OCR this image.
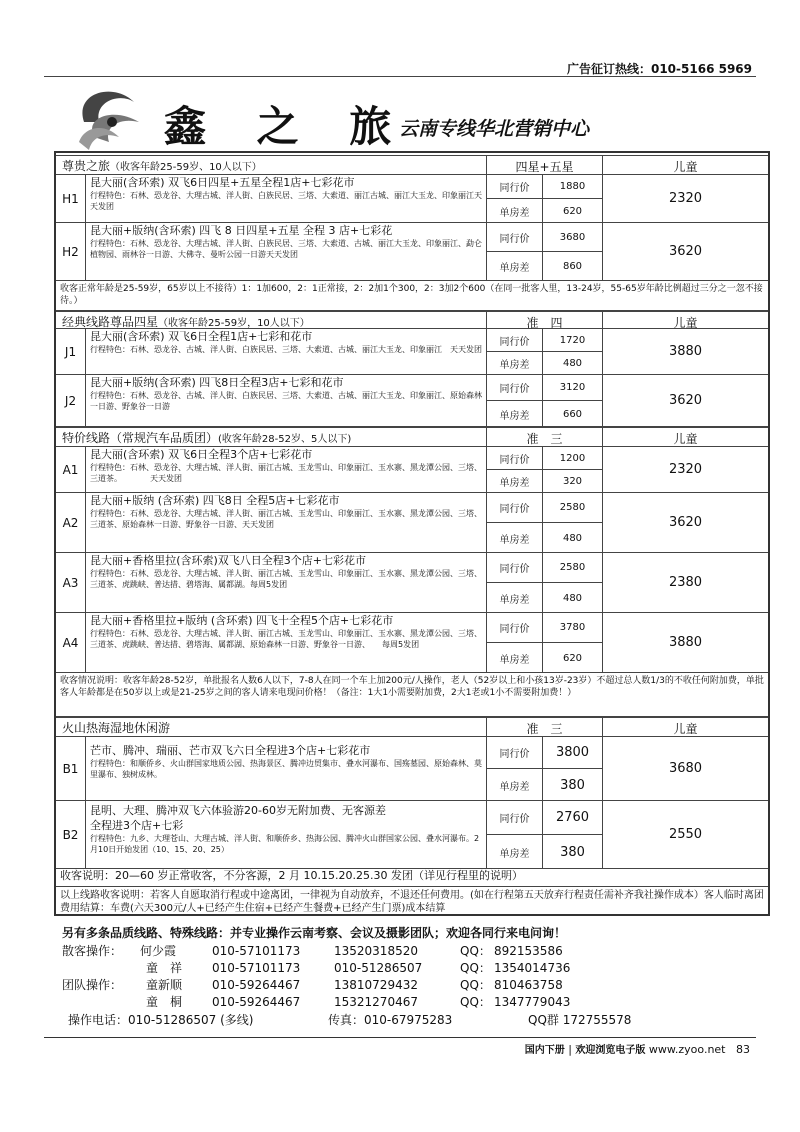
广告征订热线：010-5166 5969
鑫 之 旅
云南专线华北营销中心
尊贵之旅（收客年龄25-59岁、10人以下）	四星+五星	儿童
H1
昆大丽(含环索) 双飞6日四星+五星全程1店+七彩花市
行程特色：石林、恐龙谷、大理古城、洋人街、白族民居、三塔、大索道、丽江古城、丽江大玉龙、印象丽江天天发团
同行价	1880
单房差	620
2320
H2
昆大丽+版纳(含环索) 四飞 8 日四星+五星 全程 3 店+七彩花
行程特色：石林、恐龙谷、大理古城、洋人街、白族民居、三塔、大索道、古城、丽江大玉龙、印象丽江、勐仑植物园、雨林谷一日游、大佛寺、曼听公园一日游天天发团
同行价	3680
单房差	860
3620
收客正常年龄是25-59岁，65岁以上不接待）1：1加600，2：1正常接，2：2加1个300，2：3加2个600（在同一批客人里，13-24岁，55-65岁年龄比例超过三分之一忽不接待。）
经典线路尊品四星（收客年龄25-59岁，10人以下）	准　四	儿童
J1
昆大丽(含环索) 双飞6日全程1店+七彩和花市
行程特色：石林、恐龙谷、古城、洋人街、白族民居、三塔、大索道、古城、丽江大玉龙、印象丽江　天天发团
同行价	1720
单房差	480
3880
J2
昆大丽+版纳(含环索) 四飞8日全程3店+七彩和花市
行程特色：石林、恐龙谷、古城、洋人街、白族民居、三塔、大索道、古城、丽江大玉龙、印象丽江、原始森林一日游、野象谷一日游
同行价	3120
单房差	660
3620
特价线路（常规汽车品质团）(收客年龄28-52岁、5人以下)	准　三	儿童
A1
昆大丽(含环索) 双飞6日全程3个店+七彩花市
行程特色：石林、恐龙谷、大理古城、洋人街、丽江古城、玉龙雪山、印象丽江、玉水寨、黑龙潭公园、三塔、三道茶。　　　　天天发团
同行价	1200
单房差	320
2320
A2
昆大丽+版纳 (含环索) 四飞8日 全程5店+七彩花市
行程特色：石林、恐龙谷、大理古城、洋人街、丽江古城、玉龙雪山、印象丽江、玉水寨、黑龙潭公园、三塔、三道茶、原始森林一日游、野象谷一日游、天天发团
同行价	2580
单房差	480
3620
A3
昆大丽+香格里拉(含环索)双飞八日全程3个店+七彩花市
行程特色：石林、恐龙谷、大理古城、洋人街、丽江古城、玉龙雪山、印象丽江、玉水寨、黑龙潭公园、三塔、三道茶、虎跳峡、普达措、碧塔海、属都湖。每周5发团
同行价	2580
单房差	480
2380
A4
昆大丽+香格里拉+版纳 (含环索) 四飞十全程5个店+七彩花市
行程特色：石林、恐龙谷、大理古城、洋人街、丽江古城、玉龙雪山、印象丽江、玉水寨、黑龙潭公园、三塔、三道茶、虎跳峡、普达措、碧塔海、属都湖、原始森林一日游、野象谷一日游、　　每周5发团
同行价	3780
单房差	620
3880
收客情况说明：收客年龄28-52岁，单批报名人数6人以下，7-8人在同一个车上加200元/人操作，老人（52岁以上和小孩13岁-23岁）不超过总人数1/3的不收任何附加费，单批客人年龄都是在50岁以上或是21-25岁之间的客人请来电现问价格！（备注：1大1小需要附加费，2大1老或1小不需要附加费！）
火山热海湿地休闲游	准　三	儿童
B1
芒市、腾冲、瑞丽、芒市双飞六日全程进3个店+七彩花市
行程特色：和顺侨乡、火山群国家地质公园、热海景区、腾冲边贸集市、叠水河瀑布、国殇墓园、原始森林、莫里瀑布、独树成林。
同行价	3800
单房差	380
3680
B2
昆明、大理、腾冲双飞六体验游20-60岁无附加费、无客源差
全程进3个店+七彩
行程特色：九乡、大理苍山、大理古城、洋人街、和顺侨乡、热海公园、腾冲火山群国家公园、叠水河瀑布。2月10日开始发团（10、15、20、25）
同行价	2760
单房差	380
2550
收客说明：20—60 岁正常收客，不分客源，2 月 10.15.20.25.30 发团（详见行程里的说明）
以上线路收客说明：若客人自愿取消行程或中途离团，一律视为自动放弃，不退还任何费用。(如在行程第五天放弃行程责任需补齐我社操作成本）客人临时离团费用结算：车费(六天300元/人+已经产生住宿+已经产生餐费+已经产生门票)成本结算
另有多条品质线路、特殊线路：并专业操作云南考察、会议及摄影团队；欢迎各同行来电问询！
散客操作： 何少霞	010-57101173	13520318520	QQ： 892153586
童　祥 010-57101173	010-51286507	QQ： 1354014736
团队操作： 童新顺 010-59264467	13810729432	QQ： 810463758
童　桐 010-59264467	15321270467	QQ： 1347779043
操作电话：010-51286507 (多线)	传真：010-67975283	QQ群 172755578
国内下册 | 欢迎浏览电子版 www.zyoo.net 83
